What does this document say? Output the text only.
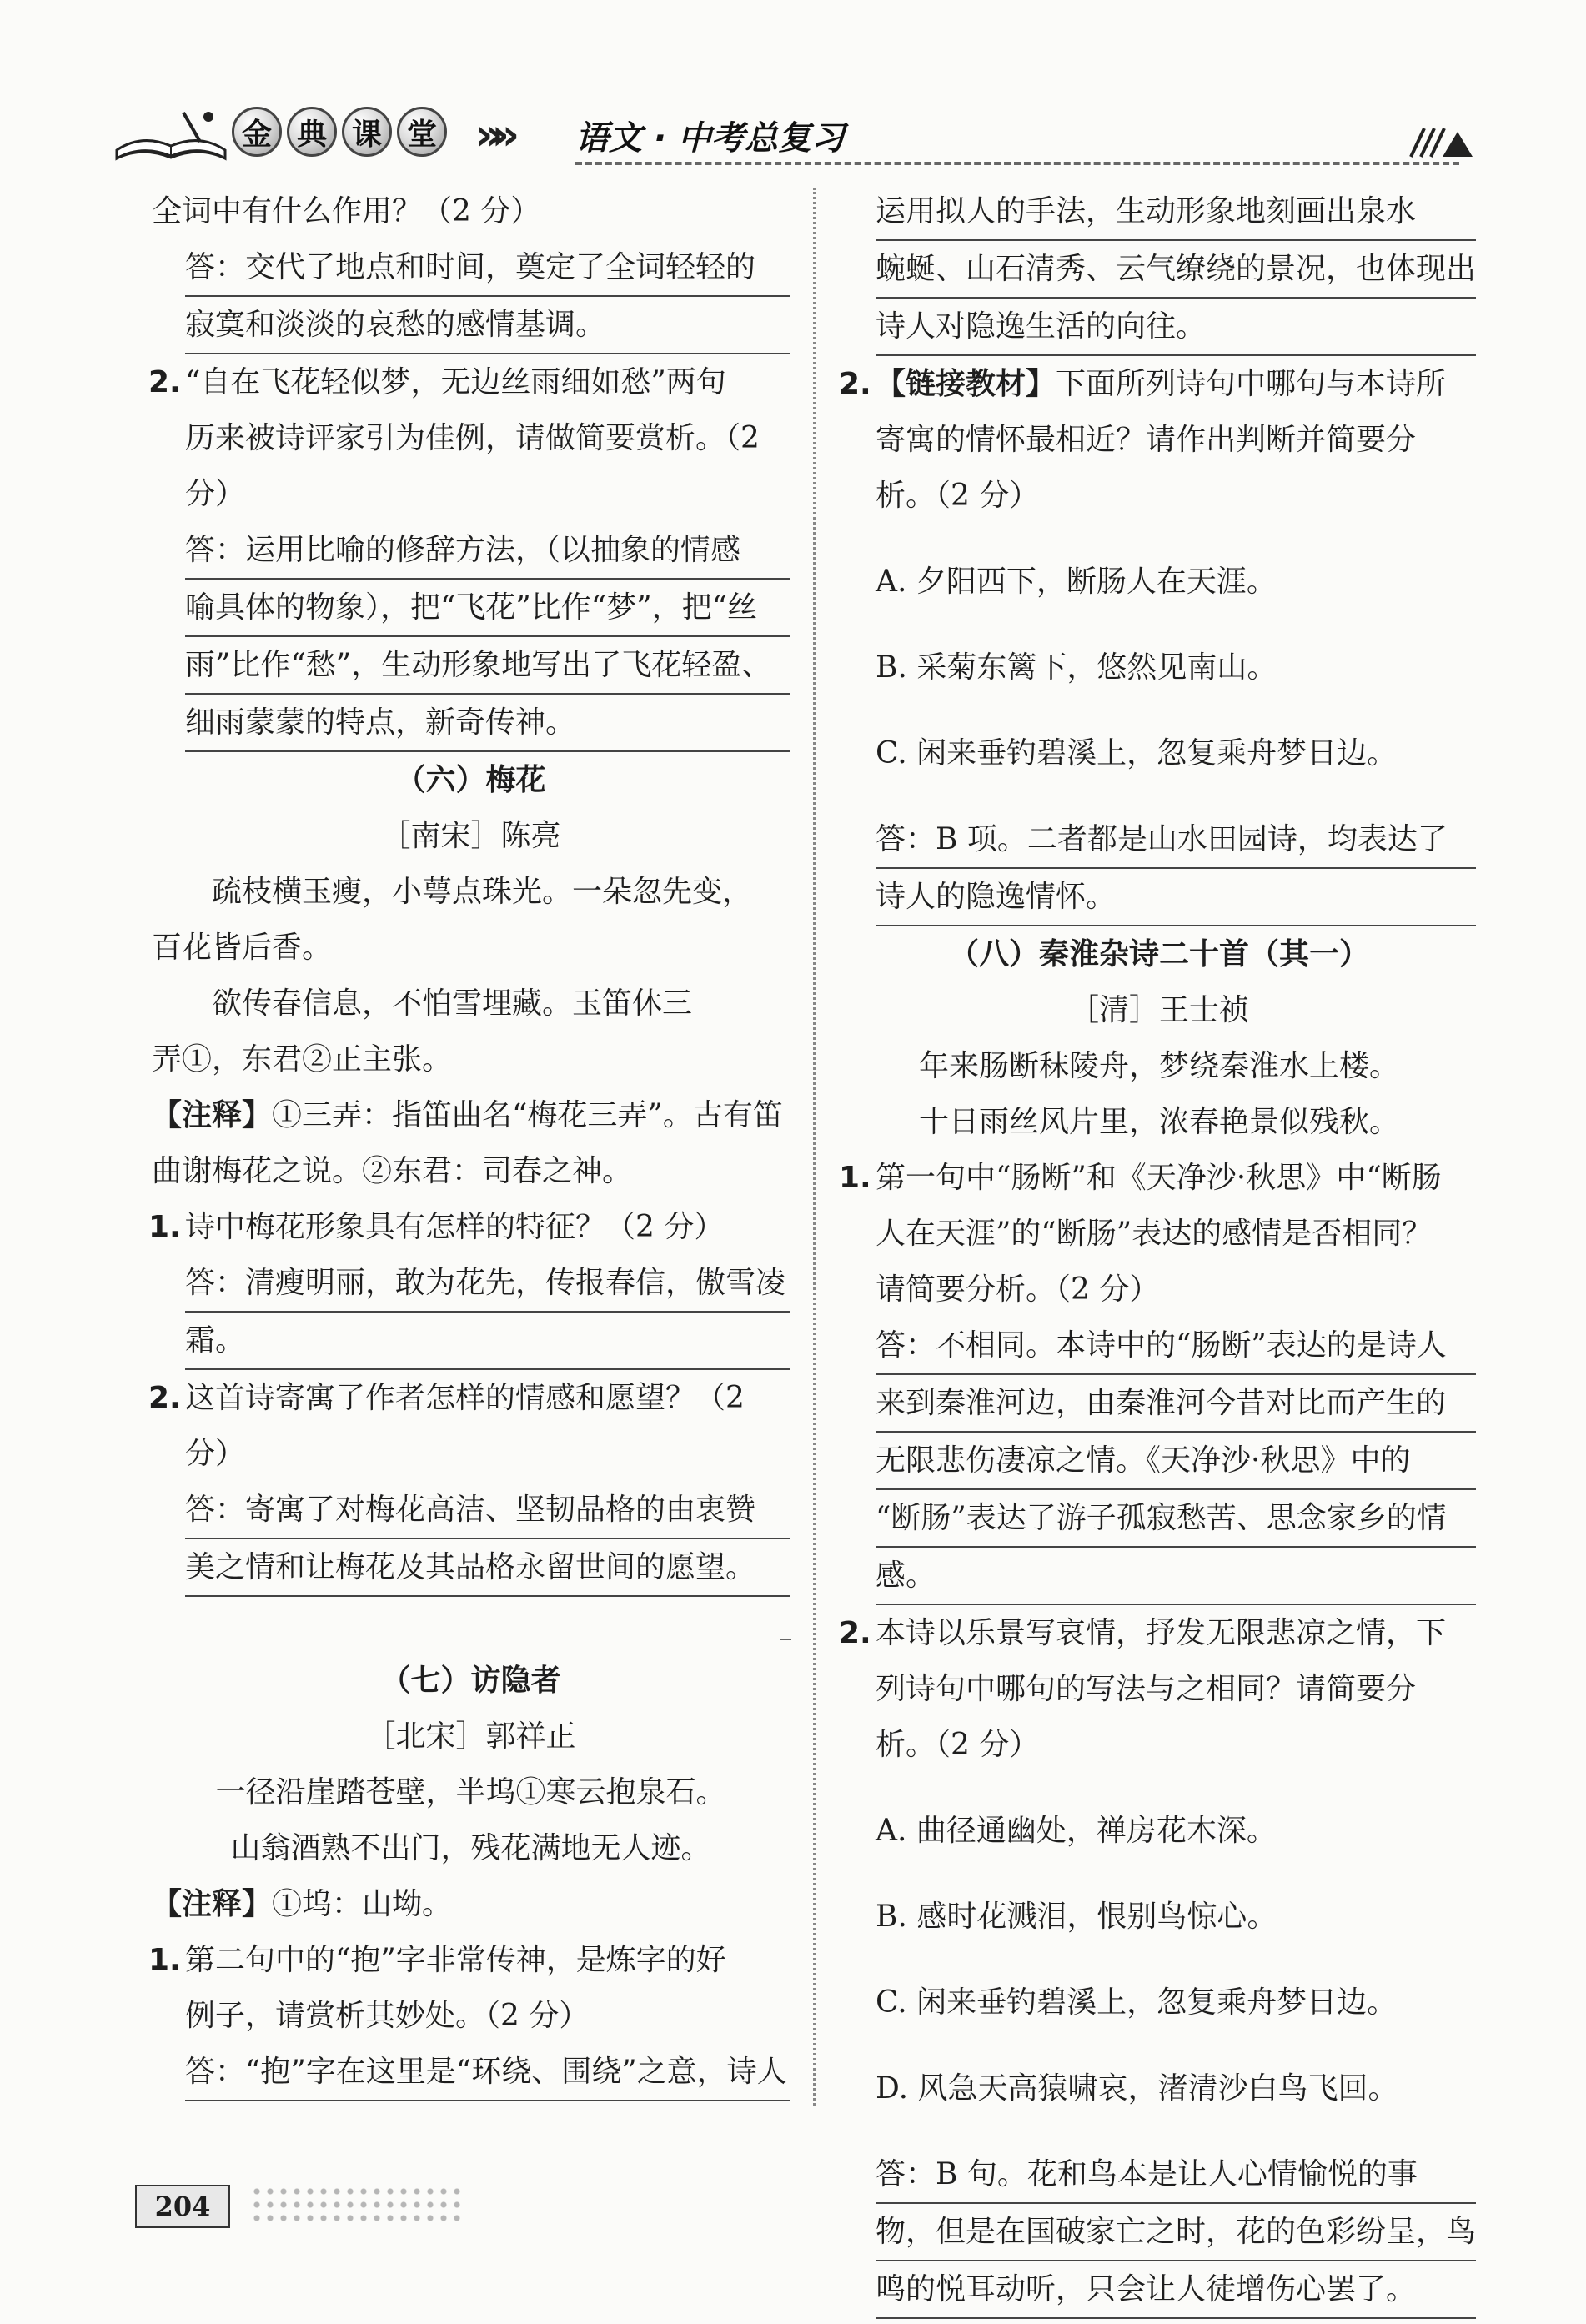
金 典 课 堂 »» 语文 · 中考总复习

全词中有什么作用？（2 分）

答：交代了地点和时间，奠定了全词轻轻的
寂寞和淡淡的哀愁的感情基调。
2. “自在飞花轻似梦，无边丝雨细如愁”两句
历来被诗评家引为佳例，请做简要赏析。（2
分）
答：运用比喻的修辞方法，（以抽象的情感
喻具体的物象），把“飞花”比作“梦”，把“丝
雨”比作“愁”，生动形象地写出了飞花轻盈、
细雨蒙蒙的特点，新奇传神。

（六）梅花

［南宋］陈亮

疏枝横玉瘦，小萼点珠光。一朵忽先变，

百花皆后香。

欲传春信息，不怕雪埋藏。玉笛休三

弄①，东君②正主张。

【注释】①三弄：指笛曲名“梅花三弄”。古有笛

曲谢梅花之说。②东君：司春之神。

1. 诗中梅花形象具有怎样的特征？（2 分）
答：清瘦明丽，敢为花先，传报春信，傲雪凌
霜。
2. 这首诗寄寓了作者怎样的情感和愿望？（2
分）
答：寄寓了对梅花高洁、坚韧品格的由衷赞
美之情和让梅花及其品格永留世间的愿望。

（七）访隐者

［北宋］郭祥正

一径沿崖踏苍壁，半坞①寒云抱泉石。

山翁酒熟不出门，残花满地无人迹。

【注释】①坞：山坳。

1. 第二句中的“抱”字非常传神，是炼字的好
例子，请赏析其妙处。（2 分）
答：“抱”字在这里是“环绕、围绕”之意，诗人
运用拟人的手法，生动形象地刻画出泉水
蜿蜒、山石清秀、云气缭绕的景况，也体现出
诗人对隐逸生活的向往。
2. 【链接教材】下面所列诗句中哪句与本诗所
寄寓的情怀最相近？请作出判断并简要分
析。（2 分）

A. 夕阳西下，断肠人在天涯。

B. 采菊东篱下，悠然见南山。

C. 闲来垂钓碧溪上，忽复乘舟梦日边。

答：B 项。二者都是山水田园诗，均表达了
诗人的隐逸情怀。

（八）秦淮杂诗二十首（其一）

［清］王士祯

年来肠断秣陵舟，梦绕秦淮水上楼。

十日雨丝风片里，浓春艳景似残秋。

1. 第一句中“肠断”和《天净沙·秋思》中“断肠
人在天涯”的“断肠”表达的感情是否相同？
请简要分析。（2 分）
答：不相同。本诗中的“肠断”表达的是诗人
来到秦淮河边，由秦淮河今昔对比而产生的
无限悲伤凄凉之情。《天净沙·秋思》中的
“断肠”表达了游子孤寂愁苦、思念家乡的情
感。
2. 本诗以乐景写哀情，抒发无限悲凉之情，下
列诗句中哪句的写法与之相同？请简要分
析。（2 分）

A. 曲径通幽处，禅房花木深。

B. 感时花溅泪，恨别鸟惊心。

C. 闲来垂钓碧溪上，忽复乘舟梦日边。

D. 风急天高猿啸哀，渚清沙白鸟飞回。

答：B 句。花和鸟本是让人心情愉悦的事
物，但是在国破家亡之时，花的色彩纷呈，鸟
鸣的悦耳动听，只会让人徒增伤心罢了。
204
